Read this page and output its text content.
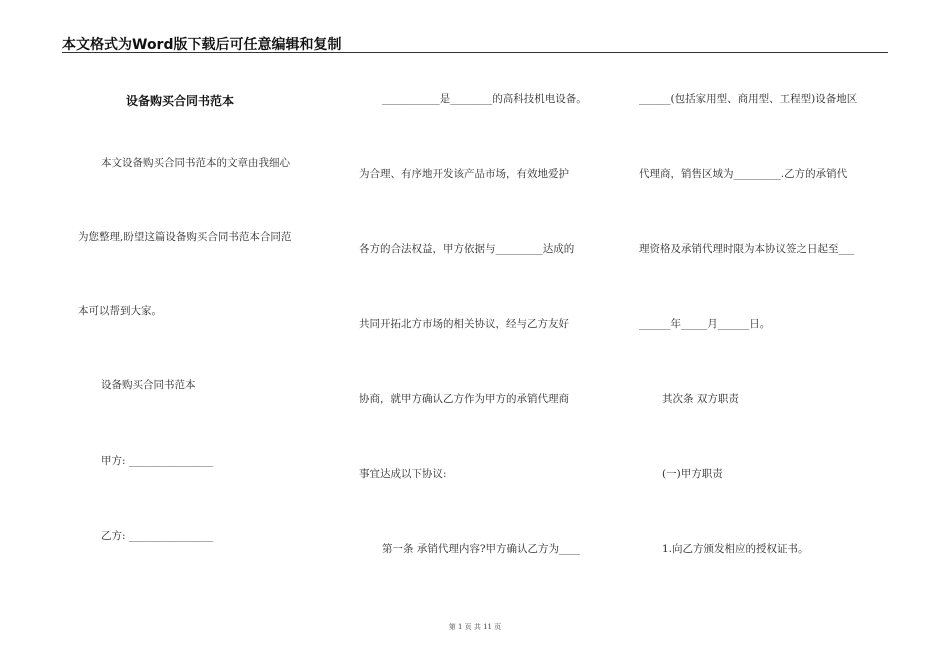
本文格式为Word版下载后可任意编辑和复制
设备购买合同书范本
本文设备购买合同书范本的文章由我细心
为您整理,盼望这篇设备购买合同书范本合同范
本可以帮到大家。
设备购买合同书范本
甲方: ________________
乙方: ________________
___________是________的高科技机电设备。
为合理、有序地开发该产品市场，有效地爱护
各方的合法权益，甲方依据与_________达成的
共同开拓北方市场的相关协议，经与乙方友好
协商，就甲方确认乙方作为甲方的承销代理商
事宜达成以下协议:
第一条 承销代理内容?甲方确认乙方为____
______(包括家用型、商用型、工程型)设备地区
代理商，销售区域为_________.乙方的承销代
理资格及承销代理时限为本协议签之日起至___
______年_____月______日。
其次条 双方职责
(一)甲方职责
1.向乙方颁发相应的授权证书。
第 1 页 共 11 页
